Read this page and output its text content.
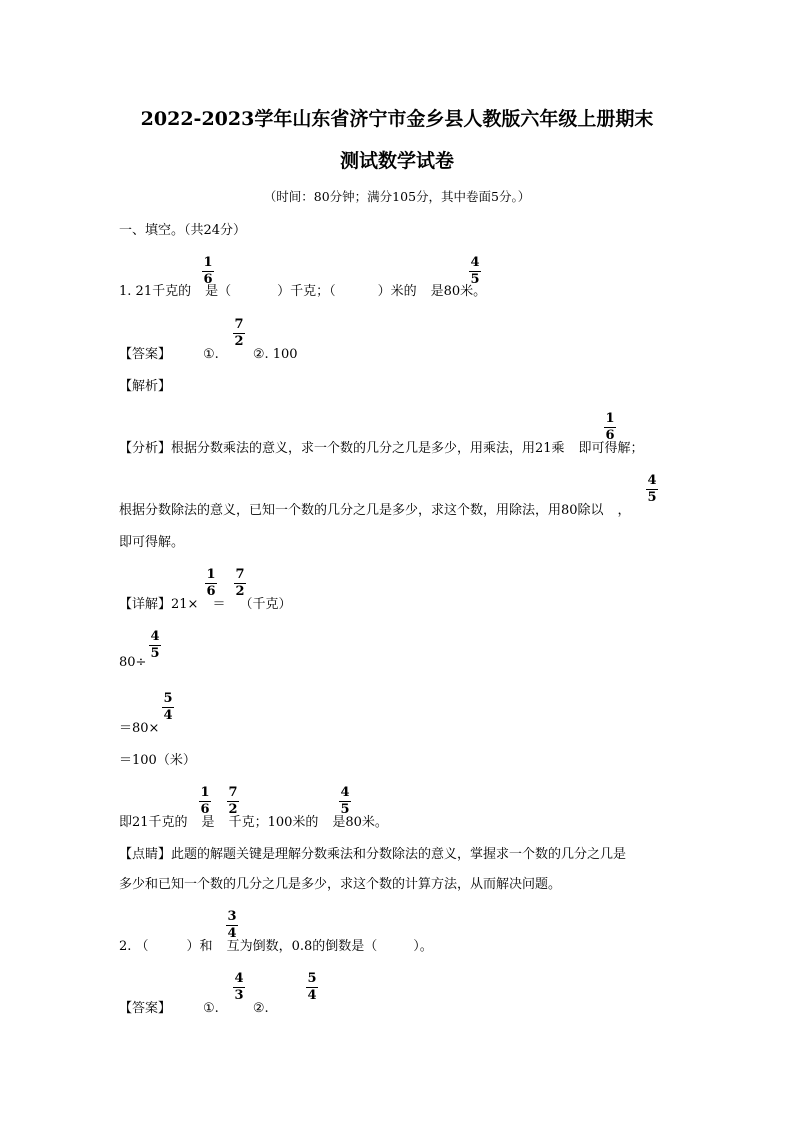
2022-2023学年山东省济宁市金乡县人教版六年级上册期末
测试数学试卷
（时间：80分钟；满分105分，其中卷面5分。）
一、填空。（共24分）
1. 21千克的 是（	）千克；（	）米的 是80米。
1
6
4
5
【答案】 ①.	②. 100
7
2
【解析】
【分析】根据分数乘法的意义，求一个数的几分之几是多少，用乘法，用21乘 即可得解；
1
6
根据分数除法的意义，已知一个数的几分之几是多少，求这个数，用除法，用80除以 ，
4
5
即可得解。
【详解】21× ＝ （千克）
1
6
7
2
80÷
4
5
＝80×
5
4
＝100（米）
即21千克的 是 千克；100米的 是80米。
1
6
7
2
4
5
【点睛】此题的解题关键是理解分数乘法和分数除法的意义，掌握求一个数的几分之几是
多少和已知一个数的几分之几是多少，求这个数的计算方法，从而解决问题。
2. （	）和 互为倒数，0.8的倒数是（	）。
3
4
【答案】 ①.	②.
4
3
5
4
